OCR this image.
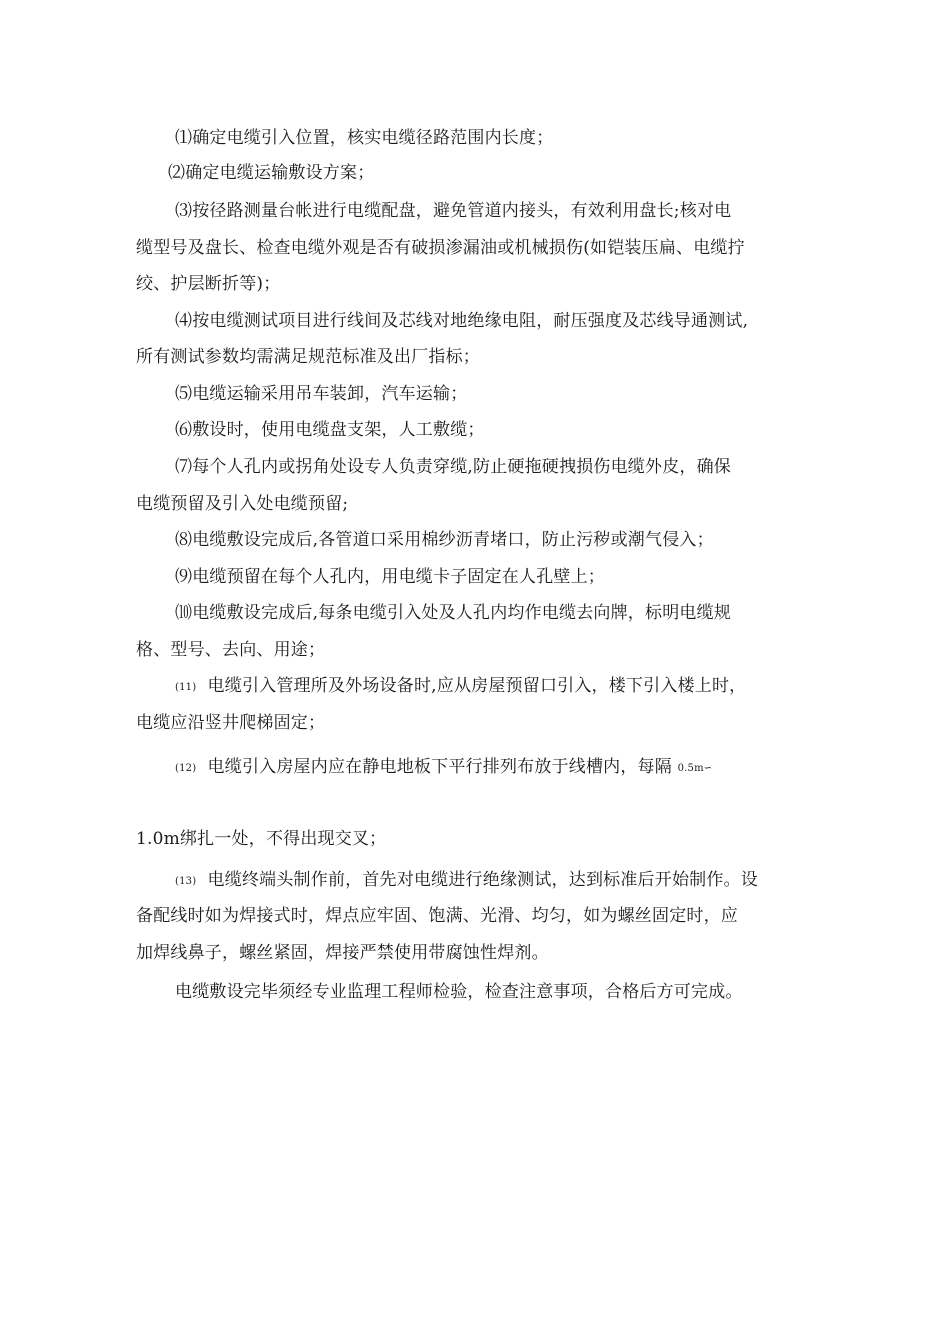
⑴确定电缆引入位置，核实电缆径路范围内长度；
⑵确定电缆运输敷设方案；
⑶按径路测量台帐进行电缆配盘，避免管道内接头，有效利用盘长;核对电
缆型号及盘长、检查电缆外观是否有破损渗漏油或机械损伤(如铠装压扁、电缆拧
绞、护层断折等)；
⑷按电缆测试项目进行线间及芯线对地绝缘电阻，耐压强度及芯线导通测试,
所有测试参数均需满足规范标准及出厂指标；
⑸电缆运输采用吊车装卸，汽车运输；
⑹敷设时，使用电缆盘支架，人工敷缆；
⑺每个人孔内或拐角处设专人负责穿缆,防止硬拖硬拽损伤电缆外皮，确保
电缆预留及引入处电缆预留;
⑻电缆敷设完成后,各管道口采用棉纱沥青堵口，防止污秽或潮气侵入；
⑼电缆预留在每个人孔内，用电缆卡子固定在人孔壁上；
⑽电缆敷设完成后,每条电缆引入处及人孔内均作电缆去向牌，标明电缆规
格、型号、去向、用途；
(11) 电缆引入管理所及外场设备时,应从房屋预留口引入，楼下引入楼上时，
电缆应沿竖井爬梯固定；
(12) 电缆引入房屋内应在静电地板下平行排列布放于线槽内，每隔 0.5m∽
1.0m绑扎一处，不得出现交叉；
(13) 电缆终端头制作前，首先对电缆进行绝缘测试，达到标准后开始制作。设
备配线时如为焊接式时，焊点应牢固、饱满、光滑、均匀，如为螺丝固定时，应
加焊线鼻子，螺丝紧固，焊接严禁使用带腐蚀性焊剂。
电缆敷设完毕须经专业监理工程师检验，检查注意事项，合格后方可完成。
